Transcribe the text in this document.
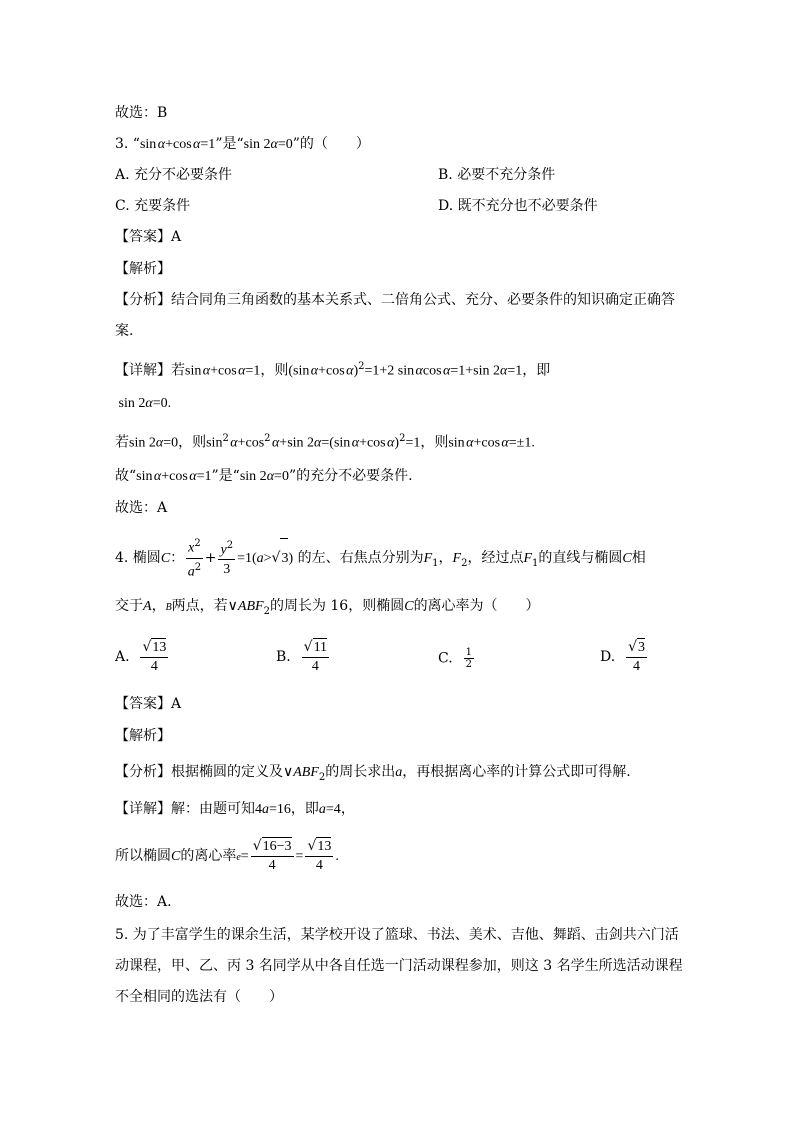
故选：B
3. “sin α+cos α=1”是“sin 2α=0”的（　　）
A. 充分不必要条件	B. 必要不充分条件
C. 充要条件	D. 既不充分也不必要条件
【答案】A
【解析】
【分析】结合同角三角函数的基本关系式、二倍角公式、充分、必要条件的知识确定正确答
案.
【详解】若sin α+cos α=1，则(sin α+cos α)$^2$=1+2 sin αcos α=1+sin 2α=1，即
sin 2α=0.
若sin 2α=0，则$\sin^2$ $\alpha+\cos^2$ α+sin 2α=(sin α+cos α)$^2$=1，则sin α+cos α=±1.
故“sin α+cos α=1”是“sin 2α=0”的充分不必要条件.
故选：A
4. 椭圆C： $\frac{x^2}{a^2} + \frac{y^2}{3} =1(a>√3)$ 的左、右焦点分别为$F_1$，$F_2$，经过点$F_1$的直线与椭圆C相
交于A，B两点，若$\vee ABF_2$的周长为 16，则椭圆C的离心率为（　　）
A. $\frac{√13}{4}$	B. $\frac{√11}{4}$	C. $\frac{1}{2}$	D. $\frac{√3}{4}$
【答案】A
【解析】
【分析】根据椭圆的定义及$\vee ABF_2$的周长求出a，再根据离心率的计算公式即可得解.
【详解】解：由题可知4a=16，即a=4，
所以椭圆C的离心率$e= \frac{√16-3}{4} = \frac{√13}{4}$ .
故选：A.
5. 为了丰富学生的课余生活，某学校开设了篮球、书法、美术、吉他、舞蹈、击剑共六门活
动课程，甲、乙、丙 3 名同学从中各自任选一门活动课程参加，则这 3 名学生所选活动课程
不全相同的选法有（　　）
